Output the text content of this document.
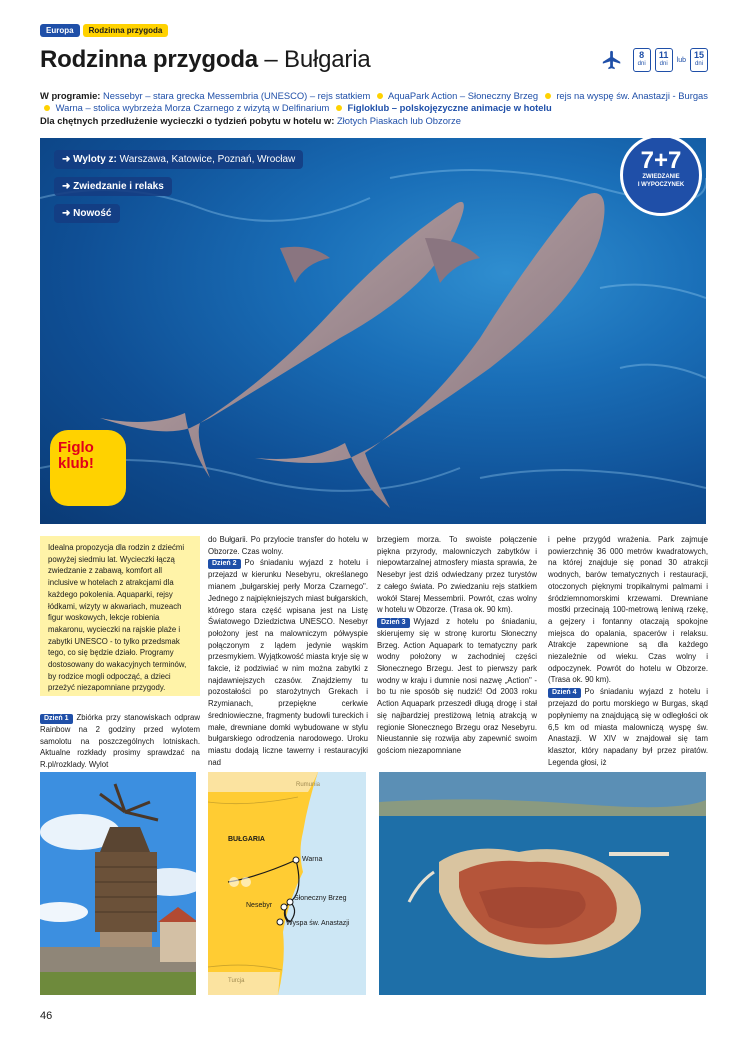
Europa	Rodzinna przygoda
Rodzinna przygoda – Bułgaria	8
dni
11
dni
lub 15
dni
W programie: Nessebyr – stara grecka Messembria (UNESCO) – rejs statkiem AquaPark Action – Słoneczny Brzeg rejs na wyspę św. Anastazji - Burgas  Warna – stolica wybrzeża Morza Czarnego z wizytą w Delfinarium Figloklub – polskojęzyczne animacje w hotelu
Dla chętnych przedłużenie wycieczki o tydzień pobytu w hotelu w: Złotych Piaskach lub Obzorze
➜ Wyloty z: Warszawa, Katowice, Poznań, Wrocław
➜ Zwiedzanie i relaks
➜ Nowość
7+7
ZWIEDZANIE
I WYPOCZYNEK
Figlo
klub!
Idealna propozycja dla rodzin z dziećmi powyżej siedmiu lat. Wycieczki łączą zwiedzanie z zabawą, komfort all inclusive w hotelach z atrakcjami dla każdego pokolenia. Aquaparki, rejsy łódkami, wizyty w akwariach, muzeach figur woskowych, lekcje robienia makaronu, wycieczki na rajskie plaże i zabytki UNESCO - to tylko przedsmak tego, co się będzie działo. Programy dostosowany do wakacyjnych terminów, by rodzice mogli odpocząć, a dzieci przeżyć niezapomniane przygody.
Dzień 1 Zbiórka przy stanowiskach odpraw Rainbow na 2 godziny przed wylotem samolotu na poszczególnych lotniskach. Aktualne rozkłady prosimy sprawdzać na R.pl/rozklady. Wylot
do Bułgarii. Po przylocie transfer do hotelu w Obzorze. Czas wolny.
Dzień 2 Po śniadaniu wyjazd z hotelu i przejazd w kierunku Nesebyru, określanego mianem „bułgarskiej perły Morza Czarnego". Jednego z najpiękniejszych miast bułgarskich, którego stara część wpisana jest na Listę Światowego Dziedzictwa UNESCO. Nesebyr położony jest na malowniczym półwyspie połączonym z lądem jedynie wąskim przesmykiem. Wyjątkowość miasta kryje się w fakcie, iż podziwiać w nim można zabytki z najdawniejszych czasów. Znajdziemy tu pozostałości po starożytnych Grekach i Rzymianach, przepiękne cerkwie średniowieczne, fragmenty budowli tureckich i małe, drewniane domki wybudowane w stylu bułgarskiego odrodzenia narodowego. Uroku miastu dodają liczne tawerny i restauracyjki nad
brzegiem morza. To swoiste połączenie piękna przyrody, malowniczych zabytków i niepowtarzalnej atmosfery miasta sprawia, że Nesebyr jest dziś odwiedzany przez turystów z całego świata. Po zwiedzaniu rejs statkiem wokół Starej Messembrii. Powrót, czas wolny w hotelu w Obzorze. (Trasa ok. 90 km).
Dzień 3 Wyjazd z hotelu po śniadaniu, skierujemy się w stronę kurortu Słoneczny Brzeg. Action Aquapark to tematyczny park wodny położony w zachodniej części Słonecznego Brzegu. Jest to pierwszy park wodny w kraju i dumnie nosi nazwę „Action" - bo tu nie sposób się nudzić! Od 2003 roku Action Aquapark przeszedł długą drogę i stał się najbardziej prestiżową letnią atrakcją w regionie Słonecznego Brzegu oraz Nesebyru. Nieustannie się rozwija aby zapewnić swoim gościom niezapomniane
i pełne przygód wrażenia. Park zajmuje powierzchnię 36 000 metrów kwadratowych, na której znajduje się ponad 30 atrakcji wodnych, barów tematycznych i restauracji, otoczonych pięknymi tropikalnymi palmami i śródziemnomorskimi krzewami. Drewniane mostki przecinają 100-metrową leniwą rzekę, a gejzery i fontanny otaczają spokojne miejsca do opalania, spacerów i relaksu. Atrakcje zapewnione są dla każdego niezależnie od wieku. Czas wolny i odpoczynek. Powrót do hotelu w Obzorze. (Trasa ok. 90 km).
Dzień 4 Po śniadaniu wyjazd z hotelu i przejazd do portu morskiego w Burgas, skąd popłyniemy na znajdującą się w odległości ok 6,5 km od miasta malowniczą wyspę św. Anastazji. W XIV w znajdował się tam klasztor, który napadany był przez piratów. Legenda głosi, iż
Rumunia
BUŁGARIA
Warna
Słoneczny Brzeg
Nesebyr
Wyspa św. Anastazji
Turcja
46
